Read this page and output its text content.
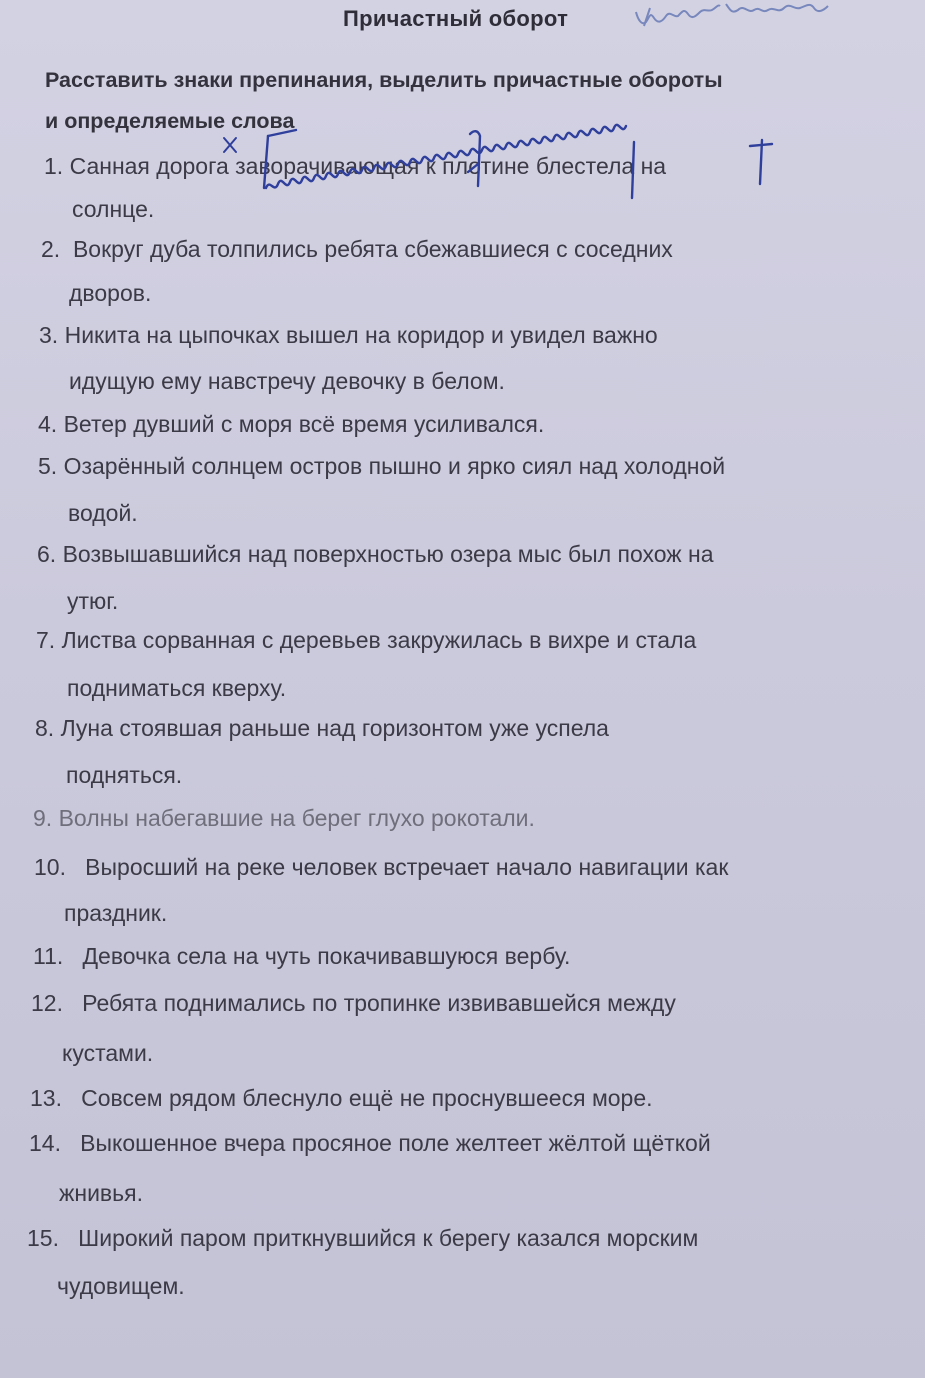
Причастный оборот
Расставить знаки препинания, выделить причастные обороты
и определяемые слова
1. Санная дорога заворачивающая к плотине блестела на
солнце.
2. Вокруг дуба толпились ребята сбежавшиеся с соседних
дворов.
3. Никита на цыпочках вышел на коридор и увидел важно
идущую ему навстречу девочку в белом.
4. Ветер дувший с моря всё время усиливался.
5. Озарённый солнцем остров пышно и ярко сиял над холодной
водой.
6. Возвышавшийся над поверхностью озера мыс был похож на
утюг.
7. Листва сорванная с деревьев закружилась в вихре и стала
подниматься кверху.
8. Луна стоявшая раньше над горизонтом уже успела
подняться.
9. Волны набегавшие на берег глухо рокотали.
10. Выросший на реке человек встречает начало навигации как
праздник.
11. Девочка села на чуть покачивавшуюся вербу.
12. Ребята поднимались по тропинке извивавшейся между
кустами.
13. Совсем рядом блеснуло ещё не проснувшееся море.
14. Выкошенное вчера просяное поле желтеет жёлтой щёткой
жнивья.
15. Широкий паром приткнувшийся к берегу казался морским
чудовищем.
